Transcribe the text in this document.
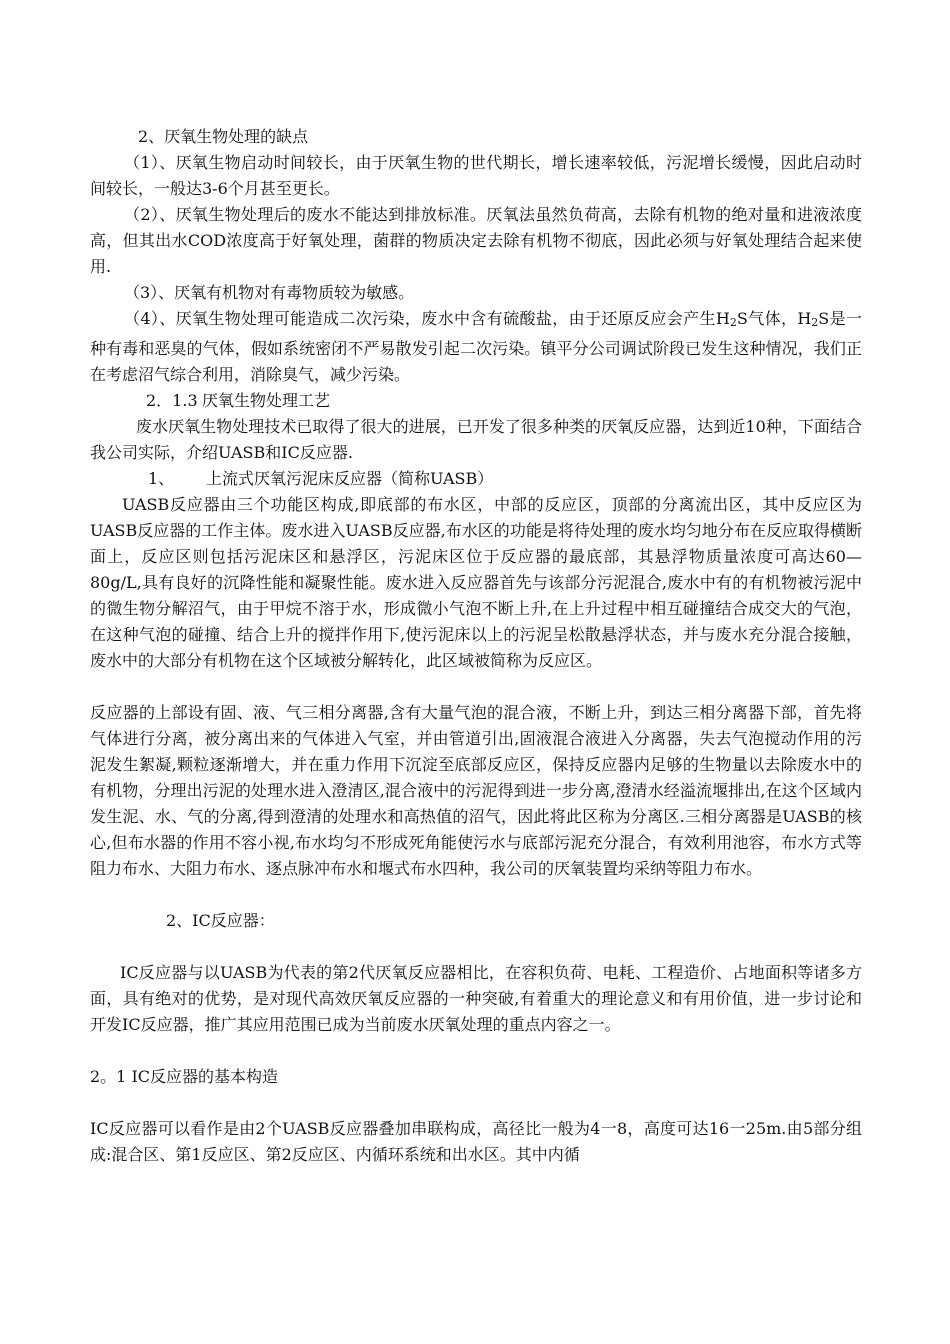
2、厌氧生物处理的缺点

（1）、厌氧生物启动时间较长，由于厌氧生物的世代期长，增长速率较低，污泥增长缓慢，因此启动时间较长，一般达3-6个月甚至更长。

（2）、厌氧生物处理后的废水不能达到排放标准。厌氧法虽然负荷高，去除有机物的绝对量和进液浓度高，但其出水COD浓度高于好氧处理，菌群的物质决定去除有机物不彻底，因此必须与好氧处理结合起来使用.

（3）、厌氧有机物对有毒物质较为敏感。

（4）、厌氧生物处理可能造成二次污染，废水中含有硫酸盐，由于还原反应会产生H2S气体，H2S是一种有毒和恶臭的气体，假如系统密闭不严易散发引起二次污染。镇平分公司调试阶段已发生这种情况，我们正在考虑沼气综合利用，消除臭气，减少污染。

2．1.3 厌氧生物处理工艺

废水厌氧生物处理技术已取得了很大的进展，已开发了很多种类的厌氧反应器，达到近10种，下面结合我公司实际，介绍UASB和IC反应器.

1、 上流式厌氧污泥床反应器（简称UASB）

UASB反应器由三个功能区构成,即底部的布水区，中部的反应区，顶部的分离流出区，其中反应区为UASB反应器的工作主体。废水进入UASB反应器,布水区的功能是将待处理的废水均匀地分布在反应取得横断面上，反应区则包括污泥床区和悬浮区，污泥床区位于反应器的最底部，其悬浮物质量浓度可高达60—80g/L,具有良好的沉降性能和凝聚性能。废水进入反应器首先与该部分污泥混合,废水中有的有机物被污泥中的微生物分解沼气，由于甲烷不溶于水，形成微小气泡不断上升,在上升过程中相互碰撞结合成交大的气泡，在这种气泡的碰撞、结合上升的搅拌作用下,使污泥床以上的污泥呈松散悬浮状态，并与废水充分混合接触，废水中的大部分有机物在这个区域被分解转化，此区域被简称为反应区。

反应器的上部设有固、液、气三相分离器,含有大量气泡的混合液，不断上升，到达三相分离器下部，首先将气体进行分离，被分离出来的气体进入气室，并由管道引出,固液混合液进入分离器，失去气泡搅动作用的污泥发生絮凝,颗粒逐渐增大，并在重力作用下沉淀至底部反应区，保持反应器内足够的生物量以去除废水中的有机物，分理出污泥的处理水进入澄清区,混合液中的污泥得到进一步分离,澄清水经溢流堰排出,在这个区域内发生泥、水、气的分离,得到澄清的处理水和高热值的沼气，因此将此区称为分离区.三相分离器是UASB的核心,但布水器的作用不容小视,布水均匀不形成死角能使污水与底部污泥充分混合，有效利用池容，布水方式等阻力布水、大阻力布水、逐点脉冲布水和堰式布水四种，我公司的厌氧装置均采纳等阻力布水。

2、IC反应器：

IC反应器与以UASB为代表的第2代厌氧反应器相比，在容积负荷、电耗、工程造价、占地面积等诸多方面，具有绝对的优势，是对现代高效厌氧反应器的一种突破,有着重大的理论意义和有用价值，进一步讨论和开发IC反应器，推广其应用范围已成为当前废水厌氧处理的重点内容之一。

2。1 IC反应器的基本构造

IC反应器可以看作是由2个UASB反应器叠加串联构成，高径比一般为4一8，高度可达16一25m.由5部分组成:混合区、第1反应区、第2反应区、内循环系统和出水区。其中内循
